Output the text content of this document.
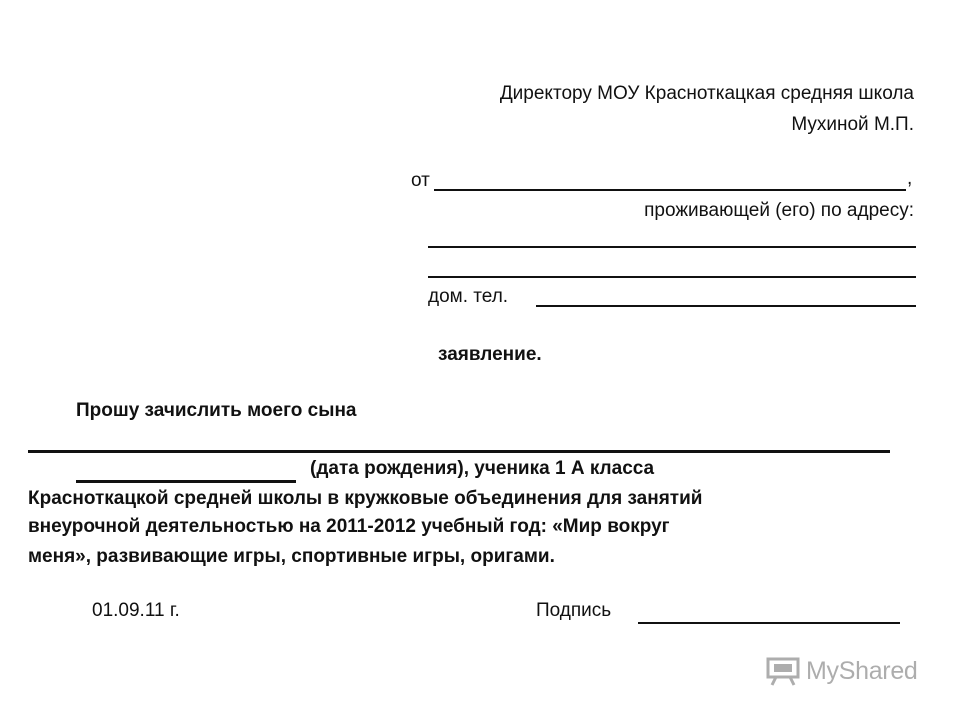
Директору МОУ Красноткацкая средняя школа
Мухиной М.П.
от	,
проживающей (его) по адресу:
дом. тел.
заявление.
Прошу зачислить моего сына
(дата рождения), ученика 1 А класса
Красноткацкой средней школы в кружковые объединения для занятий
внеурочной деятельностью на 2011-2012 учебный год: «Мир вокруг
меня», развивающие игры, спортивные игры, оригами.
01.09.11 г.	Подпись
MyShared
